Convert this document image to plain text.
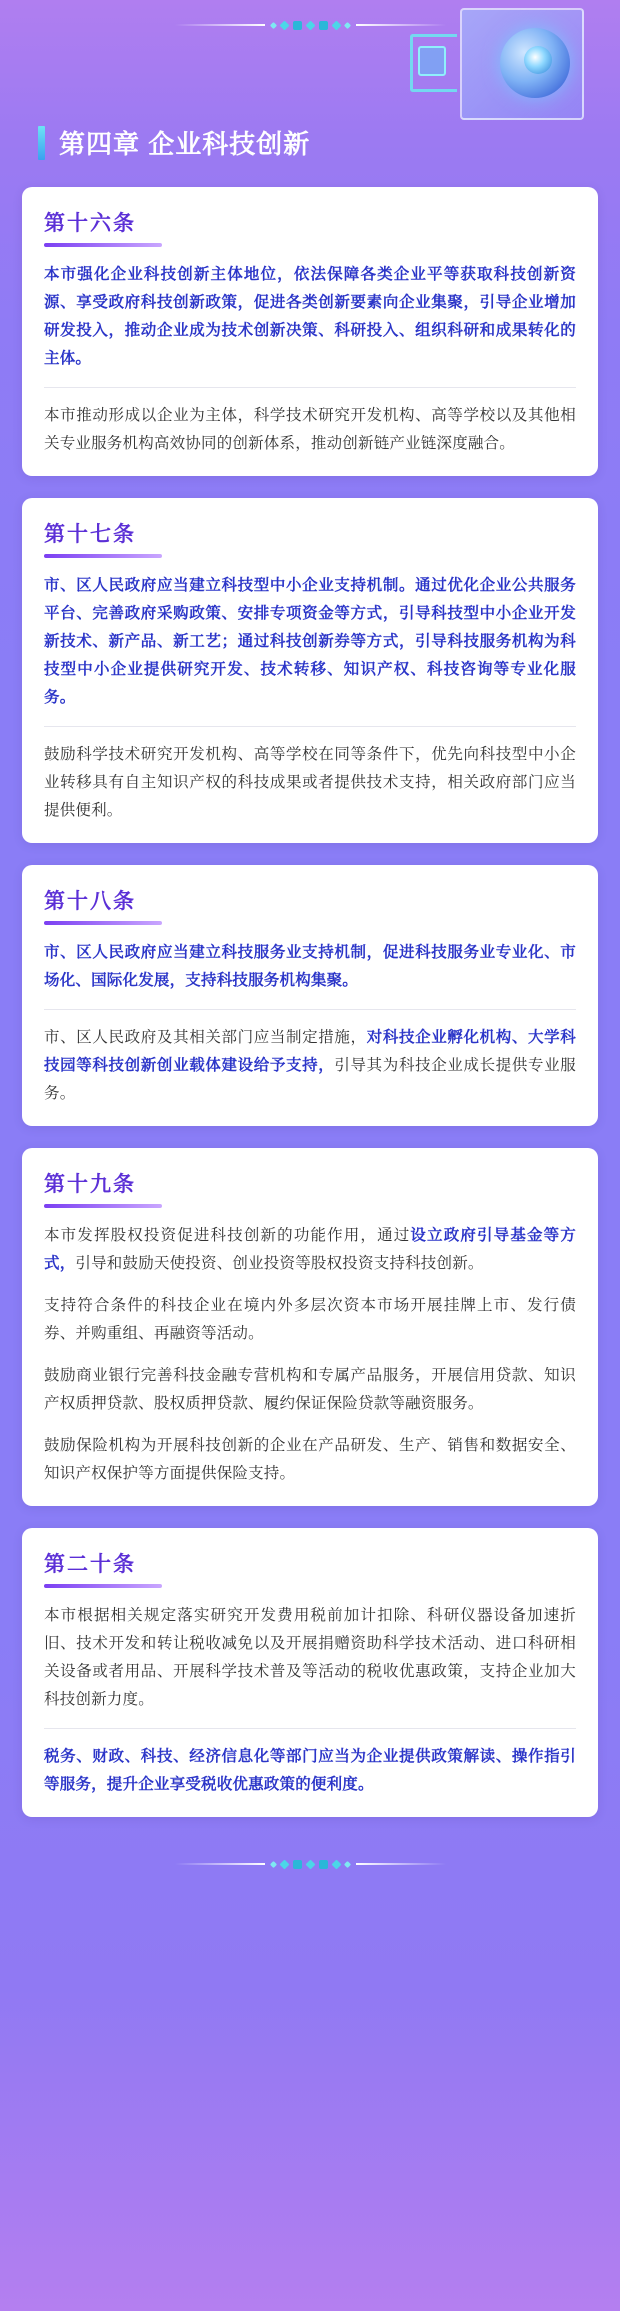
第四章 企业科技创新
第十六条

本市强化企业科技创新主体地位，依法保障各类企业平等获取科技创新资源、享受政府科技创新政策，促进各类创新要素向企业集聚，引导企业增加研发投入，推动企业成为技术创新决策、科研投入、组织科研和成果转化的主体。

本市推动形成以企业为主体，科学技术研究开发机构、高等学校以及其他相关专业服务机构高效协同的创新体系，推动创新链产业链深度融合。

第十七条

市、区人民政府应当建立科技型中小企业支持机制。通过优化企业公共服务平台、完善政府采购政策、安排专项资金等方式，引导科技型中小企业开发新技术、新产品、新工艺；通过科技创新券等方式，引导科技服务机构为科技型中小企业提供研究开发、技术转移、知识产权、科技咨询等专业化服务。

鼓励科学技术研究开发机构、高等学校在同等条件下，优先向科技型中小企业转移具有自主知识产权的科技成果或者提供技术支持，相关政府部门应当提供便利。

第十八条

市、区人民政府应当建立科技服务业支持机制，促进科技服务业专业化、市场化、国际化发展，支持科技服务机构集聚。

市、区人民政府及其相关部门应当制定措施，对科技企业孵化机构、大学科技园等科技创新创业载体建设给予支持，引导其为科技企业成长提供专业服务。

第十九条

本市发挥股权投资促进科技创新的功能作用，通过设立政府引导基金等方式，引导和鼓励天使投资、创业投资等股权投资支持科技创新。

支持符合条件的科技企业在境内外多层次资本市场开展挂牌上市、发行债券、并购重组、再融资等活动。

鼓励商业银行完善科技金融专营机构和专属产品服务，开展信用贷款、知识产权质押贷款、股权质押贷款、履约保证保险贷款等融资服务。

鼓励保险机构为开展科技创新的企业在产品研发、生产、销售和数据安全、知识产权保护等方面提供保险支持。

第二十条

本市根据相关规定落实研究开发费用税前加计扣除、科研仪器设备加速折旧、技术开发和转让税收减免以及开展捐赠资助科学技术活动、进口科研相关设备或者用品、开展科学技术普及等活动的税收优惠政策，支持企业加大科技创新力度。

税务、财政、科技、经济信息化等部门应当为企业提供政策解读、操作指引等服务，提升企业享受税收优惠政策的便利度。
